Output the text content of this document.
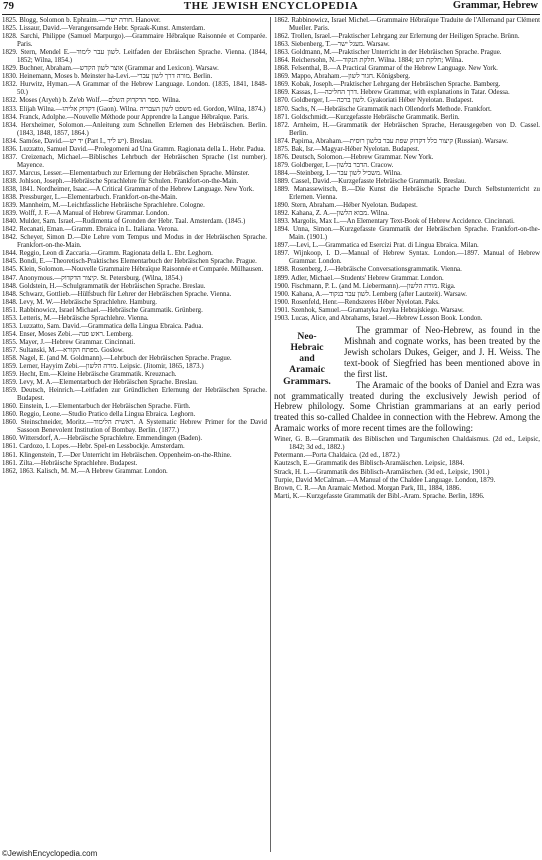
THE JEWISH ENCYCLOPEDIA
79	Grammar, Hebrew

1825. Blogg, Solomon b. Ephraim.—חורה ישרי. Hanover.

1825. Lissaur, David.—Verangensamde Hebr. Spraak-Kunst. Amsterdam.

1828. Sarchi, Philippe (Samuel Marpurgo).—Grammaire Hébraïque Raisonnée et Comparée. Paris.

1829. Stern, Mendel E.—לשון עבר לימוד. Leitfaden der Ebräischen Sprache. Vienna. (1844, 1852; Wilna, 1854.)

1829. Buchner, Abraham.—אוצר לשון הקדש (Grammar and Lexicon). Warsaw.

1830. Heinemann, Moses b. Meinster ha-Levi.—מורה דרך לשון עברי. Berlin.

1832. Hurwitz, Hyman.—A Grammar of the Hebrew Language. London. (1835, 1841, 1848-50.)

1832. Moses (Aryeh) b. Ze'eb Wolf.—ספר הדקדוק השלם. Wilna.

1833. Elijah Wilna.—דקדוק אליהו (Gaon). Wilna. משפט לשון העבריה ed. Gordon, Wilna, 1874.)

1834. Franck, Adolphe.—Nouvelle Méthode pour Apprendre la Langue Hébraïque. Paris.

1834. Herxheimer, Solomon.—Anleitung zum Schnellen Erlernen des Hebräischen. Berlin. (1843, 1848, 1857, 1864.)

1834. Samóse, David.—יד יש (Part I., יש ליד). Breslau.

1836. Luzzatto, Samuel David.—Prolegomeni ad Una Gramm. Ragionata della L. Hebr. Padua.

1837. Creizenach, Michael.—Biblisches Lehrbuch der Hebräischen Sprache (1st number). Mayence.

1837. Marcus, Lesser.—Elementarbuch zur Erlernung der Hebräischen Sprache. Münster.

1838. Johlson, Joseph.—Hebräische Sprachlehre für Schulen. Frankfort-on-the-Main.

1838, 1841. Nordheimer, Isaac.—A Critical Grammar of the Hebrew Language. New York.

1838. Pressburger, L.—Elementarbuch. Frankfort-on-the-Main.

1839. Mannheim, M.—Leichtfassliche Hebräische Sprachlehre. Cologne.

1839. Wolff, J. F.—A Manual of Hebrew Grammar. London.

1840. Mulder, Sam. Israel.—Rudimenta of Gronden der Hebr. Taal. Amsterdam. (1845.)

1842. Recanati, Eman.—Gramm. Ebraica in L. Italiana. Verona.

1842. Scheyer, Simon D.—Die Lehre vom Tempus und Modus in der Hebräischen Sprache. Frankfort-on-the-Main.

1844. Reggio, Leon di Zaccaria.—Gramm. Ragionata della L. Ebr. Leghorn.

1845. Bondi, E.—Theoretisch-Praktisches Elementarbuch der Hebräischen Sprache. Prague.

1845. Klein, Solomon.—Nouvelle Grammaire Hébraïque Raisonnée et Comparée. Mülhausen.

1847. Anonymous.—קיצור הדקדוק. St. Petersburg. (Wilna, 1854.)

1848. Goldstein, H.—Schulgrammatik der Hebräischen Sprache. Breslau.

1848. Schwarz, Gottlieb.—Hülfsbuch für Lehrer der Hebräischen Sprache. Vienna.

1848. Levy, M. W.—Hebräische Sprachlehre. Hamburg.

1851. Rabbinowicz, Israel Michael.—Hebräische Grammatik. Grünberg.

1853. Letteris, M.—Hebräische Sprachlehre. Vienna.

1853. Luzzatto, Sam. David.—Grammatica della Lingua Ebraica. Padua.

1854. Enser, Moses Zebi.—ראש פנה. Lemberg.

1855. Mayer, J.—Hebrew Grammar. Cincinnati.

1857. Sultanski, M.—מפתח הקורא. Goslow.

1858. Nagel, E. (and M. Goldmann).—Lehrbuch der Hebräischen Sprache. Prague.

1859. Lerner, Hayyim Zebi.—מורה הלשון. Leipsic. (Jitomir, 1865, 1873.)

1859. Hecht, Em.—Kleine Hebräische Grammatik. Kreuznach.

1859. Levy, M. A.—Elementarbuch der Hebräischen Sprache. Breslau.

1859. Deutsch, Heinrich.—Leitfaden zur Gründlichen Erlernung der Hebräischen Sprache. Budapest.

1860. Einstein, L.—Elementarbuch der Hebräischen Sprache. Fürth.

1860. Reggio, Leone.—Studio Pratico della Lingua Ebraica. Leghorn.

1860. Steinschneider, Moritz.—ראשית הלימוד. A Systematic Hebrew Primer for the David Sassoon Benevolent Institution of Bombay. Berlin. (1877.)

1860. Wittersdorf, A.—Hebräische Sprachlehre. Emmendingen (Baden).

1861. Cardozo, I. Lopes.—Hebr. Spel-en Lessbockje. Amsterdam.

1861. Klingenstein, T.—Der Unterricht im Hebräischen. Oppenheim-on-the-Rhine.

1861. Zilta.—Hebräische Sprachlehre. Budapest.

1862, 1863. Kalisch, M. M.—A Hebrew Grammar. London.

1862. Rabbinowicz, Israel Michel.—Grammaire Hébraïque Traduite de l'Allemand par Clément Mueller. Paris.

1862. Trollen, Israel.—Praktischer Lehrgang zur Erlernung der Heiligen Sprache. Brünn.

1863. Siebenberg, T.—מעגל ישר. Warsaw.

1863. Goldmann, M.—Praktischer Unterricht in der Hebräischen Sprache. Prague.

1864. Reichersohn, N.—חלקת הנקוד. Wilna. 1884; חלקת הש; Wilna.

1868. Felsenthal, B.—A Practical Grammar of the Hebrew Language. New York.

1869. Mappo, Abraham.—חגור לשון. Königsberg.

1869. Kobak, Joseph.—Praktischer Lehrgang der Hebräischen Sprache. Bamberg.

1869. Kassas, I.—דרך החליכה. Hebrew Grammar, with explanations in Tatar. Odessa.

1870. Goldberger, I.—לשון ברכה. Gyakoriati Héber Nyelotan. Budapest.

1870. Sachs, N.—Hebräische Grammatik nach Ollendorfs Methode. Frankfort.

1871. Goldschmidt.—Kurzgefasste Hebräische Grammatik. Berlin.

1872. Arnheim, H.—Grammatik der Hebräischen Sprache, Herausgegeben von D. Cassel. Berlin.

1874. Papirna, Abraham.—קיצור כלל דקדוק שפת עבר בלשון רוסית (Russian). Warsaw.

1875. Bak, Isr.—Magyar-Héber Nyelotan. Budapest.

1876. Deutsch, Solomon.—Hebrew Grammar. New York.

1879. Goldberger, I.—הדבר בלשון. Cracow.

1884.—Steinberg, I.—משכיל לשון עבר. Wilna.

1889. Cassel, David.—Kurzgefasste Hebräische Grammatik. Breslau.

1889. Manassewitsch, B.—Die Kunst die Hebräische Sprache Durch Selbstunterricht zu Erlernen. Vienna.

1890. Stern, Abraham.—Héber Nyelotan. Budapest.

1892. Kahana, Z. A.—מבוא הלשון. Wilna.

1893. Margolis, Max L.—An Elementary Text-Book of Hebrew Accidence. Cincinnati.

1894. Unna, Simon.—Kurzgefasste Grammatik der Hebräischen Sprache. Frankfort-on-the-Main. (1901.)

1897.—Levi, L.—Grammatica ed Esercizi Prat. di Lingua Ebraica. Milan.

1897. Wijnkoop, I. D.—Manual of Hebrew Syntax. London.—1897. Manual of Hebrew Grammar. London.

1898. Rosenberg, J.—Hebräische Conversationsgrammatik. Vienna.

1899. Adler, Michael.—Students' Hebrew Grammar. London.

1900. Fischmann, P. L. (and M. Liebermann).—מורה הלשון. Riga.

1900. Kahana, A.—לשון עבר בנקוד. Lemberg (after Lautzeit). Warsaw.

1900. Rosenfeld, Henr.—Rendszeres Héber Nyelotan. Paks.

1901. Szenhok, Samuel.—Gramatyka Jezyka Hebrajskiego. Warsaw.

1903. Lucas, Alice, and Abrahams, Israel.—Hebrew Lesson Book. London.

Neo-
Hebraic
and
Aramaic
Grammars.

The grammar of Neo-Hebrew, as found in the Mishnah and cognate works, has been treated by the Jewish scholars Dukes, Geiger, and J. H. Weiss. The text-book of Siegfried has been mentioned above in the first list.

The Aramaic of the books of Daniel and Ezra was not grammatically treated during the exclusively Jewish period of Hebrew philology. Some Christian grammarians at an early period treated this so-called Chaldee in connection with the Hebrew. Among the Aramaic works of more recent times are the following:

Winer, G. B.—Grammatik des Biblischen und Targumischen Chaldaismus. (2d ed., Leipsic, 1842; 3d ed., 1882.)

Petermann.—Porta Chaldaica. (2d ed., 1872.)

Kautzsch, E.—Grammatik des Biblisch-Aramäischen. Leipsic, 1884.

Strack, H. L.—Grammatik des Biblisch-Aramäischen. (3d ed., Leipsic, 1901.)

Turpie, David McCalman.—A Manual of the Chaldee Language. London, 1879.

Brown, C. R.—An Aramaic Method. Morgan Park, Ill., 1884, 1886.

Marti, K.—Kurzgefasste Grammatik der Bibl.-Aram. Sprache. Berlin, 1896.

©JewishEncyclopedia.com
